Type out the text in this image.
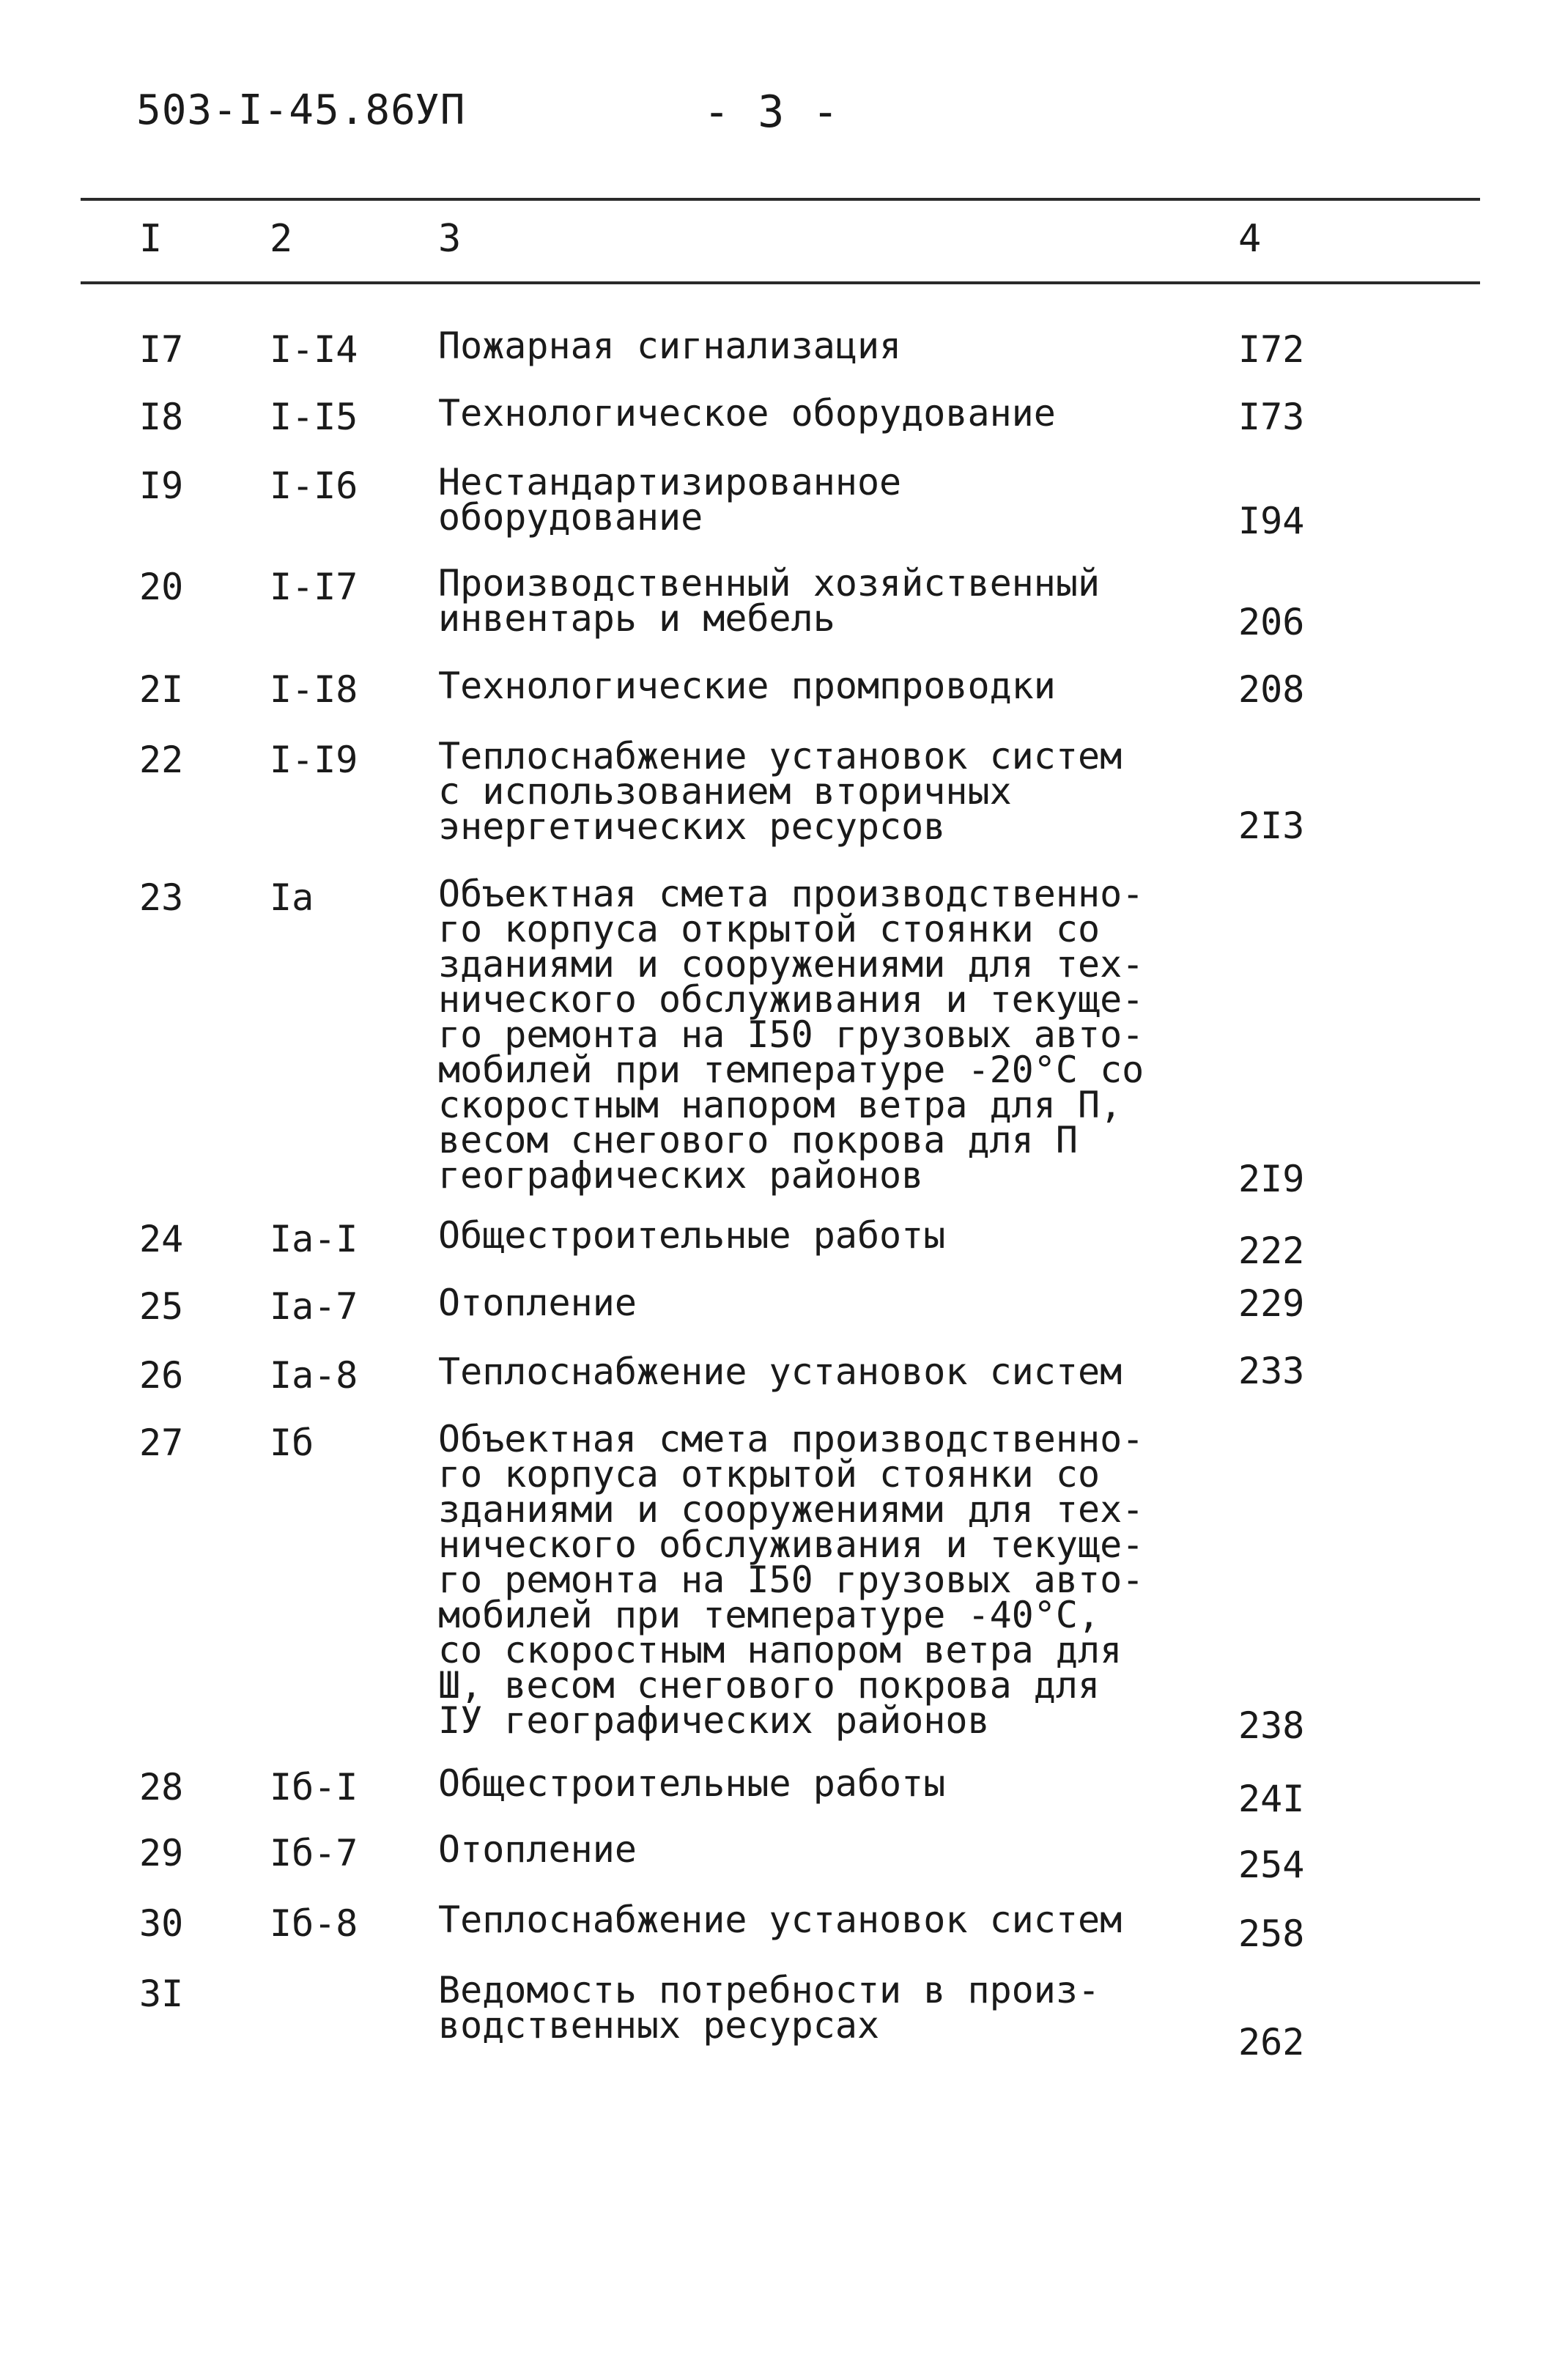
503-I-45.86
УП	- 3 -
I	2	3	4
I7 I-I4 Пожарная сигнализация	I72
I8 I-I5 Технологическое оборудование	I73
I9 I-I6 Нестандартизированное
оборудование	I94
20 I-I7 Производственный хозяйственный
инвентарь и мебель	206
2I I-I8 Технологические промпроводки	208
22 I-I9 Теплоснабжение установок систем
с использованием вторичных
энергетических ресурсов	2I3
23 Iа	Объектная смета производственно-
го корпуса открытой стоянки со
зданиями и сооружениями для тех-
нического обслуживания и текуще-
го ремонта на I50 грузовых авто-
мобилей при температуре -20°С со
скоростным напором ветра для П,
весом снегового покрова для П
географических районов	2I9
24 Iа-I Общестроительные работы	222
25 Iа-7 Отопление	229
26 Iа-8 Теплоснабжение установок систем	233
27 Iб	Объектная смета производственно-
го корпуса открытой стоянки со
зданиями и сооружениями для тех-
нического обслуживания и текуще-
го ремонта на I50 грузовых авто-
мобилей при температуре -40°С,
со скоростным напором ветра для
Ш, весом снегового покрова для
IУ географических районов	238
28 Iб-I Общестроительные работы	24I
29 Iб-7 Отопление	254
30 Iб-8 Теплоснабжение установок систем	258
3I	Ведомость потребности в произ-
водственных ресурсах	262
